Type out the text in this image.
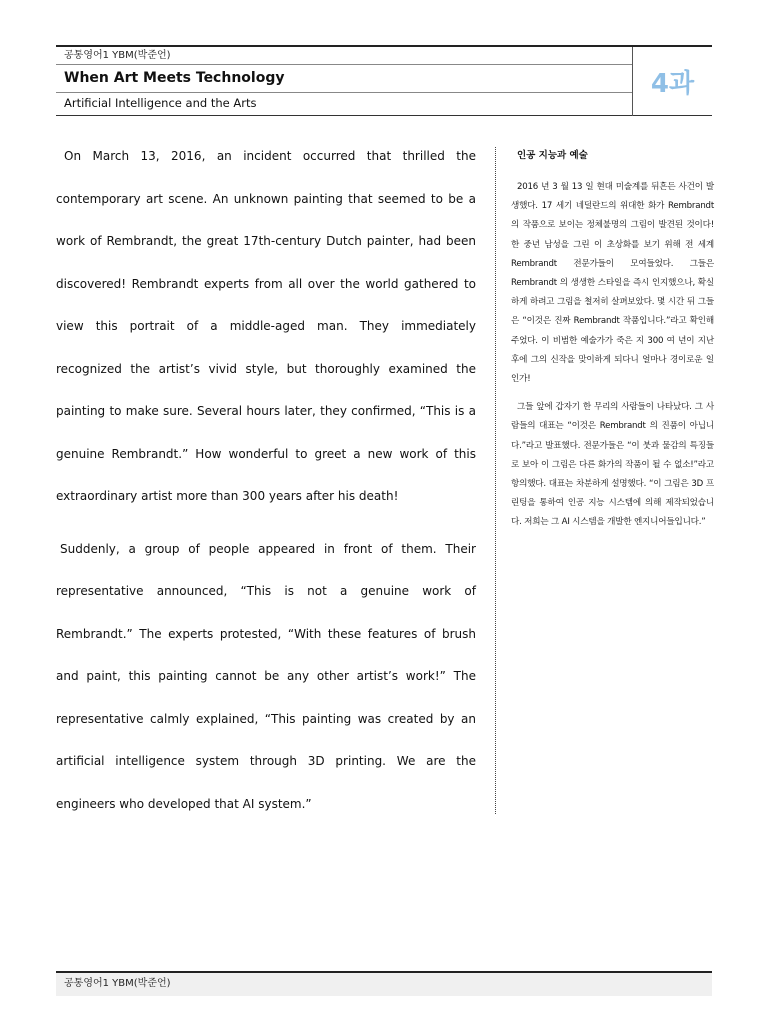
공통영어1 YBM(박준언)
When Art Meets Technology
Artificial Intelligence and the Arts
4과

On March 13, 2016, an incident occurred that thrilled the contemporary art scene. An unknown painting that seemed to be a work of Rembrandt, the great 17th-century Dutch painter, had been discovered! Rembrandt experts from all over the world gathered to view this portrait of a middle-aged man. They immediately recognized the artist’s vivid style, but thoroughly examined the painting to make sure. Several hours later, they confirmed, “This is a genuine Rembrandt.” How wonderful to greet a new work of this extraordinary artist more than 300 years after his death!

Suddenly, a group of people appeared in front of them. Their representative announced, “This is not a genuine work of Rembrandt.” The experts protested, “With these features of brush and paint, this painting cannot be any other artist’s work!” The representative calmly explained, “This painting was created by an artificial intelligence system through 3D printing. We are the engineers who developed that AI system.”

인공 지능과 예술

2016 년 3 월 13 일 현대 미술계를 뒤흔든 사건이 발생했다. 17 세기 네덜란드의 위대한 화가 Rembrandt 의 작품으로 보이는 정체불명의 그림이 발견된 것이다! 한 중년 남성을 그린 이 초상화를 보기 위해 전 세계 Rembrandt 전문가들이 모여들었다. 그들은 Rembrandt 의 생생한 스타일을 즉시 인지했으나, 확실하게 하려고 그림을 철저히 살펴보았다. 몇 시간 뒤 그들은 “이것은 진짜 Rembrandt 작품입니다.”라고 확인해 주었다. 이 비범한 예술가가 죽은 지 300 여 년이 지난 후에 그의 신작을 맞이하게 되다니 얼마나 경이로운 일인가!

그들 앞에 갑자기 한 무리의 사람들이 나타났다. 그 사람들의 대표는 “이것은 Rembrandt 의 진품이 아닙니다.”라고 발표했다. 전문가들은 “이 붓과 물감의 특징들로 보아 이 그림은 다른 화가의 작품이 될 수 없소!”라고 항의했다. 대표는 차분하게 설명했다. “이 그림은 3D 프린팅을 통하여 인공 지능 시스템에 의해 제작되었습니다. 저희는 그 AI 시스템을 개발한 엔지니어들입니다.”

공통영어1 YBM(박준언)
